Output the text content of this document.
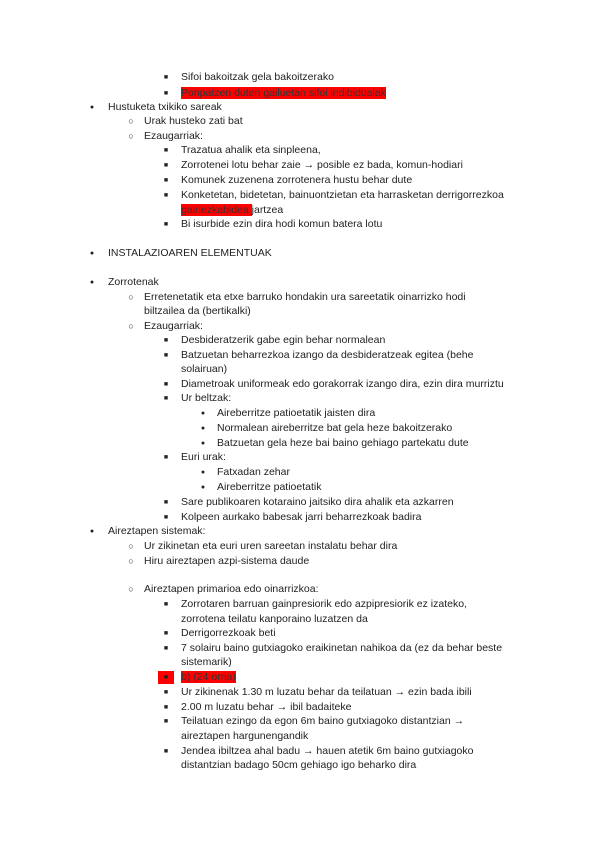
■	Sifoi bakoitzak gela bakoitzerako
■	Ponpatzen duten gailuetan sifoi indibidualak
●	Hustuketa txikiko sareak
○ Urak husteko zati bat
○ Ezaugarriak:
■	Trazatua ahalik eta sinpleena,
■	Zorrotenei lotu behar zaie → posible ez bada, komun-hodiari
■	Komunek zuzenena zorrotenera hustu behar dute
■	Konketetan, bidetetan, bainuontzietan eta harrasketan derrigorrezkoa
gainezkabidea jartzea
■	Bi isurbide ezin dira hodi komun batera lotu
●	INSTALAZIOAREN ELEMENTUAK
●	Zorrotenak
○ Erretenetatik eta etxe barruko hondakin ura sareetatik oinarrizko hodi
biltzailea da (bertikalki)
○ Ezaugarriak:
■	Desbideratzerik gabe egin behar normalean
■	Batzuetan beharrezkoa izango da desbideratzeak egitea (behe
solairuan)
■	Diametroak uniformeak edo gorakorrak izango dira, ezin dira murriztu
■	Ur beltzak:
●	Aireberritze patioetatik jaisten dira
●	Normalean aireberritze bat gela heze bakoitzerako
●	Batzuetan gela heze bai baino gehiago partekatu dute
■	Euri urak:
●	Fatxadan zehar
●	Aireberritze patioetatik
■	Sare publikoaren kotaraino jaitsiko dira ahalik eta azkarren
■	Kolpeen aurkako babesak jarri beharrezkoak badira
●	Aireztapen sistemak:
○ Ur zikinetan eta euri uren sareetan instalatu behar dira
○ Hiru aireztapen azpi-sistema daude
○ Aireztapen primarioa edo oinarrizkoa:
■	Zorrotaren barruan gainpresiorik edo azpipresiorik ez izateko,
zorrotena teilatu kanporaino luzatzen da
■	Derrigorrezkoak beti
■	7 solairu baino gutxiagoko eraikinetan nahikoa da (ez da behar beste
sistemarik)
■	b) (24 orria)
■	Ur zikinenak 1.30 m luzatu behar da teilatuan → ezin bada ibili
■	2.00 m luzatu behar → ibil badaiteke
■	Teilatuan ezingo da egon 6m baino gutxiagoko distantzian →
aireztapen hargunengandik
■	Jendea ibiltzea ahal badu → hauen atetik 6m baino gutxiagoko
distantzian badago 50cm gehiago igo beharko dira
